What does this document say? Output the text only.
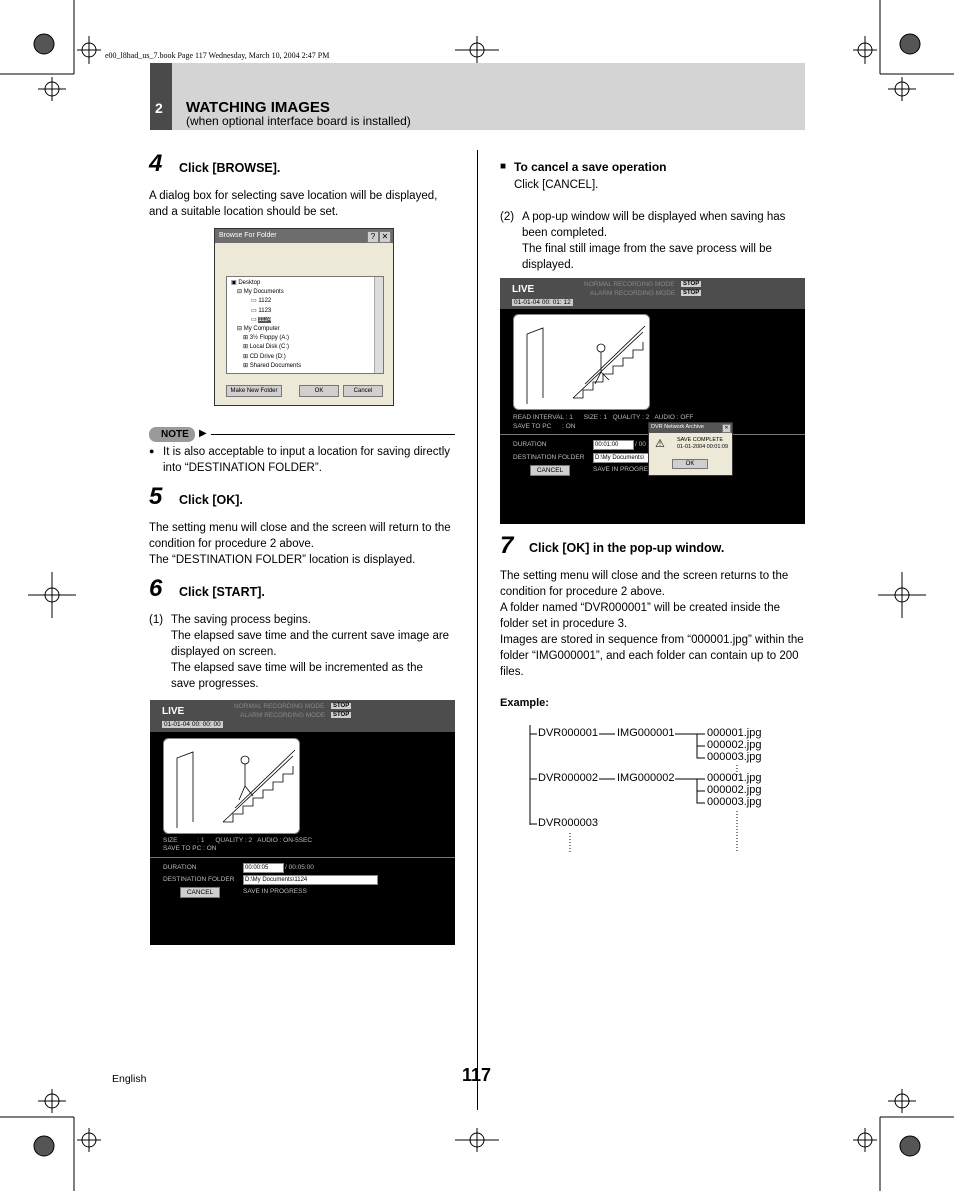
e00_l8had_us_7.book Page 117 Wednesday, March 10, 2004 2:47 PM
2 WATCHING IMAGES
(when optional interface board is installed)
4 Click [BROWSE].
A dialog box for selecting save location will be displayed, and a suitable location should be set.
Browse For Folder	? ✕
▣ Desktop
⊟ My Documents
▭ 1122
▭ 1123
▭ 1124
⊟ My Computer
⊞ 3½ Floppy (A:)
⊞ Local Disk (C:)
⊞ CD Drive (D:)
⊞ Shared Documents
Make New Folder	OK	Cancel
NOTE ▶
● It is also acceptable to input a location for saving directly into “DESTINATION FOLDER”.
5 Click [OK].
The setting menu will close and the screen will return to the condition for procedure 2 above.
The “DESTINATION FOLDER” location is displayed.
6 Click [START].
(1) The saving process begins.
The elapsed save time and the current save image are displayed on screen.
The elapsed save time will be incremented as the save progresses.
LIVE	NORMAL RECORDING MODE	STOP
ALARM RECORDING MODE	STOP
01-01-04 00: 00: 00
SIZE           : 1      QUALITY : 2   AUDIO : ON-5SEC
SAVE TO PC : ON
DURATION	00:00:05	/ 00:05:00
DESTINATION FOLDER	D:\My Documents\1124
CANCEL	SAVE IN PROGRESS
■ To cancel a save operation
Click [CANCEL].
(2) A pop-up window will be displayed when saving has been completed.
The final still image from the save process will be displayed.
LIVE	NORMAL RECORDING MODE	STOP
ALARM RECORDING MODE	STOP
01-01-04 00: 01: 12
READ INTERVAL : 1      SIZE : 1   QUALITY : 2   AUDIO : OFF
SAVE TO PC      : ON
DURATION	00:01:00	/ 00
DESTINATION FOLDER	D:\My Documents\
CANCEL	SAVE IN PROGRE
DVR Network Archive	✕
⚠ SAVE COMPLETE
01-01-2004 00:01:09
OK
7 Click [OK] in the pop-up window.
The setting menu will close and the screen returns to the condition for procedure 2 above.
A folder named “DVR000001” will be created inside the folder set in procedure 3.
Images are stored in sequence from “000001.jpg” within the folder “IMG000001”, and each folder can contain up to 200 files.
Example:
DVR000001 IMG000001	000001.jpg
000002.jpg
000003.jpg
DVR000002 IMG000002	000001.jpg
000002.jpg
000003.jpg
DVR000003
English	117
